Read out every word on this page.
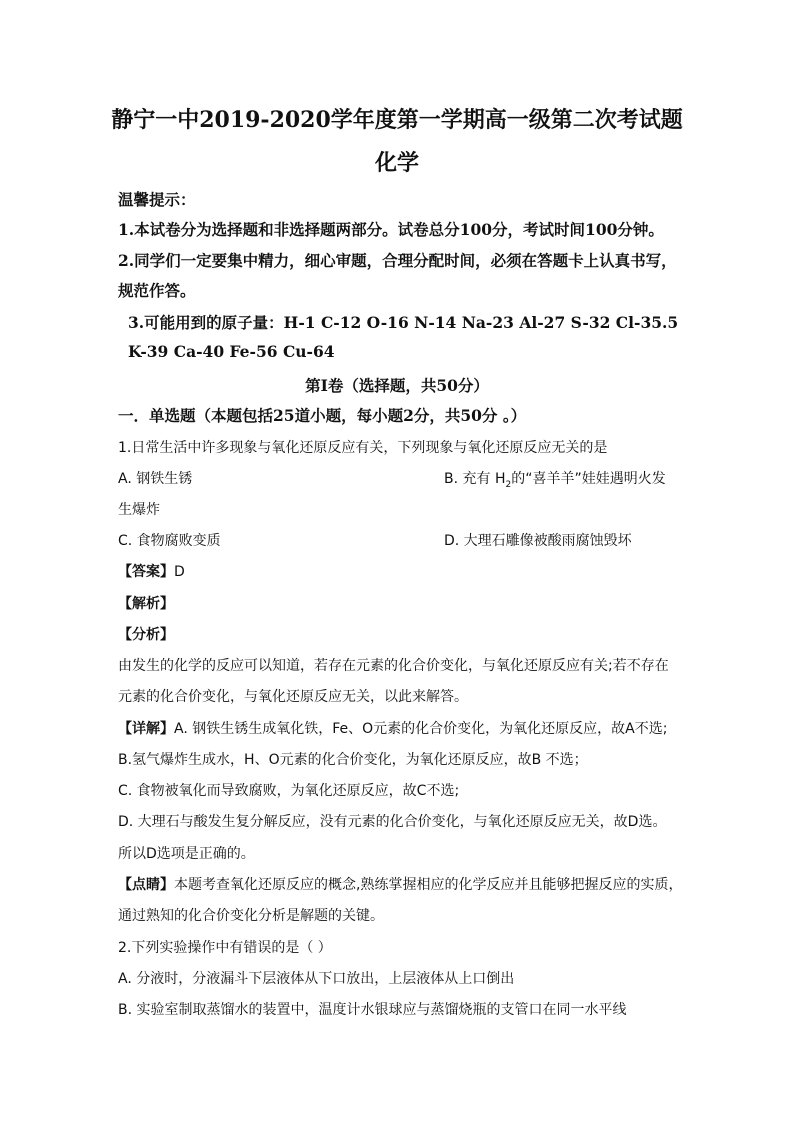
静宁一中2019-2020学年度第一学期高一级第二次考试题
化学
温馨提示：
1.本试卷分为选择题和非选择题两部分。试卷总分100分，考试时间100分钟。
2.同学们一定要集中精力，细心审题，合理分配时间，必须在答题卡上认真书写，
规范作答。
3.可能用到的原子量：H-1 C-12 O-16 N-14 Na-23 Al-27 S-32 Cl-35.5
K-39 Ca-40 Fe-56 Cu-64
第Ⅰ卷（选择题，共50分）
一．单选题（本题包括25道小题，每小题2分，共50分 。）
1.日常生活中许多现象与氧化还原反应有关，下列现象与氧化还原反应无关的是
A. 钢铁生锈	B. 充有 $H_2$的“喜羊羊”娃娃遇明火发
生爆炸
C. 食物腐败变质	D. 大理石雕像被酸雨腐蚀毁坏
【答案】D
【解析】
【分析】
由发生的化学的反应可以知道，若存在元素的化合价变化，与氧化还原反应有关;若不存在
元素的化合价变化，与氧化还原反应无关，以此来解答。
【详解】A. 钢铁生锈生成氧化铁，Fe、O元素的化合价变化，为氧化还原反应，故A不选;
B.氢气爆炸生成水，H、O元素的化合价变化，为氧化还原反应，故B 不选；
C. 食物被氧化而导致腐败，为氧化还原反应，故C不选;
D. 大理石与酸发生复分解反应，没有元素的化合价变化，与氧化还原反应无关，故D选。
所以D选项是正确的。
【点睛】本题考查氧化还原反应的概念,熟练掌握相应的化学反应并且能够把握反应的实质，
通过熟知的化合价变化分析是解题的关键。
2.下列实验操作中有错误的是（ ）
A. 分液时，分液漏斗下层液体从下口放出，上层液体从上口倒出
B. 实验室制取蒸馏水的装置中，温度计水银球应与蒸馏烧瓶的支管口在同一水平线
